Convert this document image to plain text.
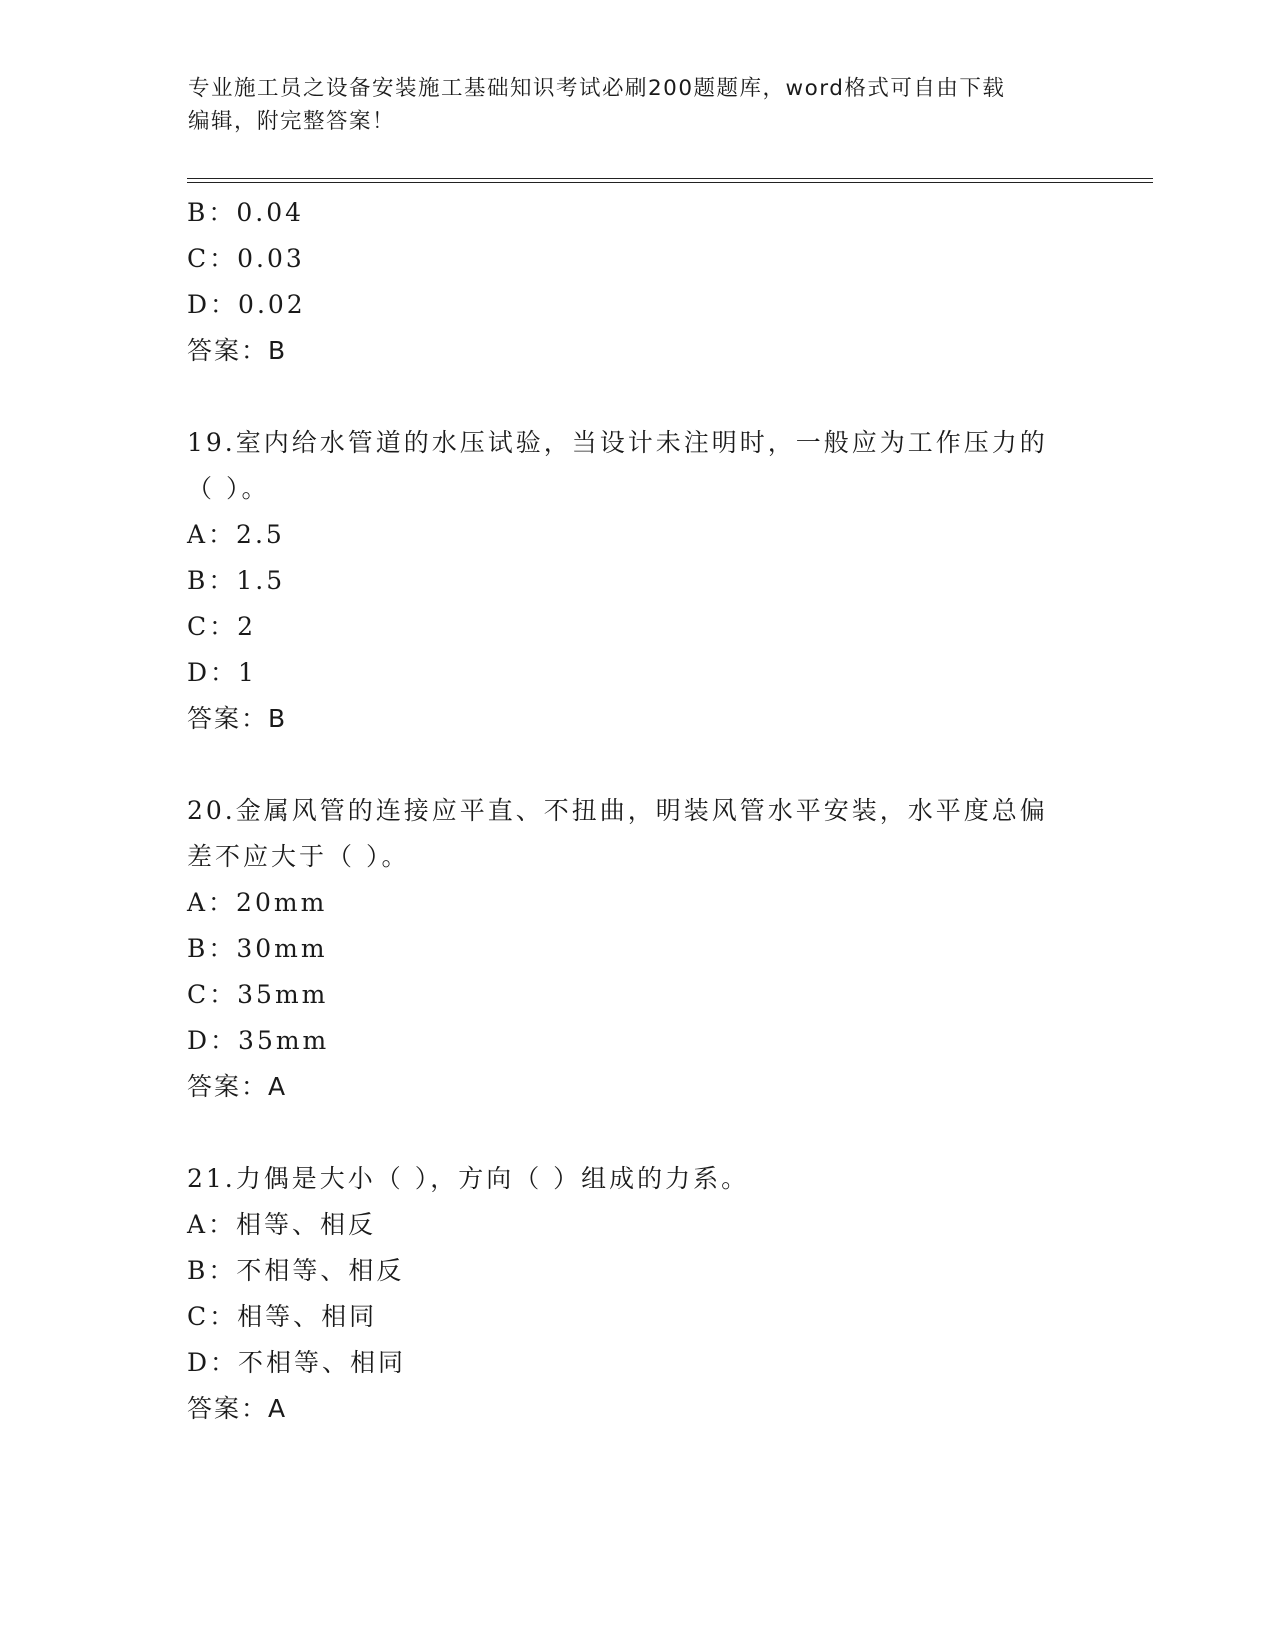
专业施工员之设备安装施工基础知识考试必刷200题题库，word格式可自由下载
编辑，附完整答案！
B：0.04
C：0.03
D：0.02
答案：B
19.室内给水管道的水压试验，当设计未注明时，一般应为工作压力的
（ ）。
A：2.5
B：1.5
C：2
D：1
答案：B
20.金属风管的连接应平直、不扭曲，明装风管水平安装，水平度总偏
差不应大于（ ）。
A：20mm
B：30mm
C：35mm
D：35mm
答案：A
21.力偶是大小（ ），方向（ ）组成的力系。
A：相等、相反
B：不相等、相反
C：相等、相同
D：不相等、相同
答案：A
